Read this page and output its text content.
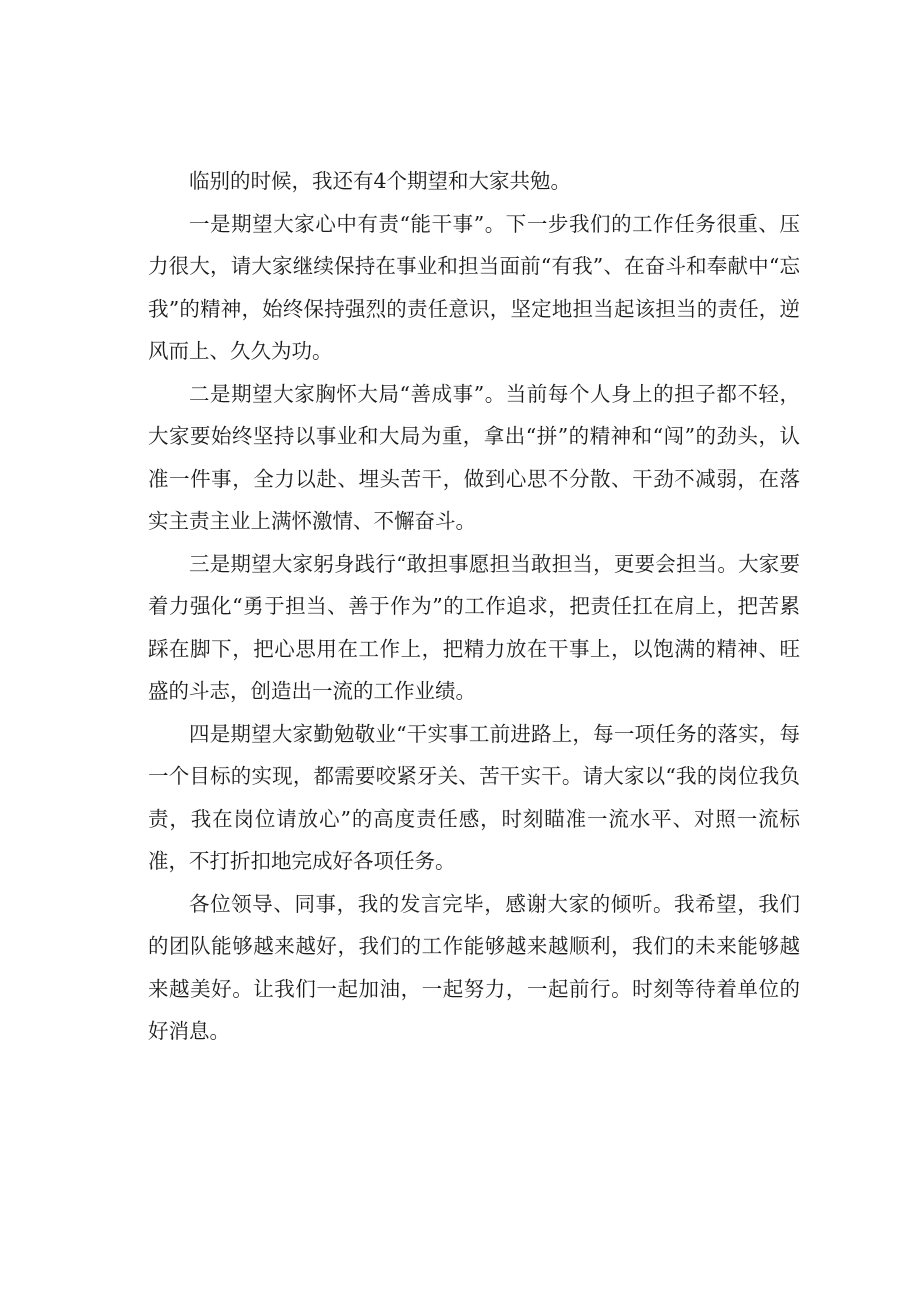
临别的时候，我还有4个期望和大家共勉。

一是期望大家心中有责“能干事”。下一步我们的工作任务很重、压力很大，请大家继续保持在事业和担当面前“有我”、在奋斗和奉献中“忘我”的精神，始终保持强烈的责任意识，坚定地担当起该担当的责任，逆风而上、久久为功。

二是期望大家胸怀大局“善成事”。当前每个人身上的担子都不轻，大家要始终坚持以事业和大局为重，拿出“拼”的精神和“闯”的劲头，认准一件事，全力以赴、埋头苦干，做到心思不分散、干劲不减弱，在落实主责主业上满怀激情、不懈奋斗。

三是期望大家躬身践行“敢担事愿担当敢担当，更要会担当。大家要着力强化“勇于担当、善于作为”的工作追求，把责任扛在肩上，把苦累踩在脚下，把心思用在工作上，把精力放在干事上，以饱满的精神、旺盛的斗志，创造出一流的工作业绩。

四是期望大家勤勉敬业“干实事工前进路上，每一项任务的落实，每一个目标的实现，都需要咬紧牙关、苦干实干。请大家以“我的岗位我负责，我在岗位请放心”的高度责任感，时刻瞄准一流水平、对照一流标准，不打折扣地完成好各项任务。

各位领导、同事，我的发言完毕，感谢大家的倾听。我希望，我们的团队能够越来越好，我们的工作能够越来越顺利，我们的未来能够越来越美好。让我们一起加油，一起努力，一起前行。时刻等待着单位的好消息。
